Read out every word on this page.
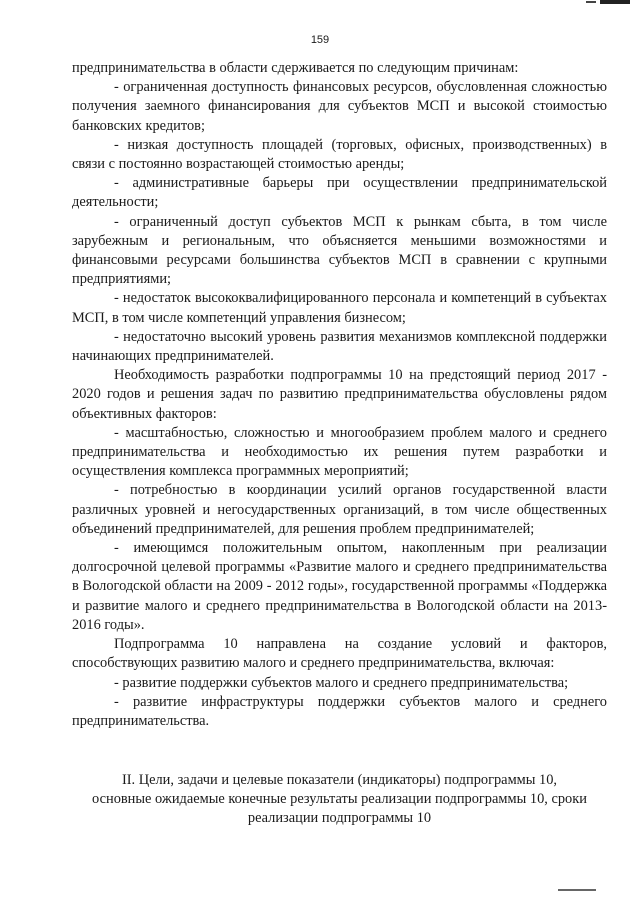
159

предпринимательства в области сдерживается по следующим причинам:

- ограниченная доступность финансовых ресурсов, обусловленная сложностью получения заемного финансирования для субъектов МСП и высокой стоимостью банковских кредитов;

- низкая доступность площадей (торговых, офисных, производственных) в связи с постоянно возрастающей стоимостью аренды;

- административные барьеры при осуществлении предпринимательской деятельности;

- ограниченный доступ субъектов МСП к рынкам сбыта, в том числе зарубежным и региональным, что объясняется меньшими возможностями и финансовыми ресурсами большинства субъектов МСП в сравнении с крупными предприятиями;

- недостаток высококвалифицированного персонала и компетенций в субъектах МСП, в том числе компетенций управления бизнесом;

- недостаточно высокий уровень развития механизмов комплексной поддержки начинающих предпринимателей.

Необходимость разработки подпрограммы 10 на предстоящий период 2017 - 2020 годов и решения задач по развитию предпринимательства обусловлены рядом объективных факторов:

- масштабностью, сложностью и многообразием проблем малого и среднего предпринимательства и необходимостью их решения путем разработки и осуществления комплекса программных мероприятий;

- потребностью в координации усилий органов государственной власти различных уровней и негосударственных организаций, в том числе общественных объединений предпринимателей, для решения проблем предпринимателей;

- имеющимся положительным опытом, накопленным при реализации долгосрочной целевой программы «Развитие малого и среднего предпринимательства в Вологодской области на 2009 - 2012 годы», государственной программы «Поддержка и развитие малого и среднего предпринимательства в Вологодской области на 2013-2016 годы».

Подпрограмма 10 направлена на создание условий и факторов, способствующих развитию малого и среднего предпринимательства, включая:

- развитие поддержки субъектов малого и среднего предпринимательства;

- развитие инфраструктуры поддержки субъектов малого и среднего предпринимательства.

II. Цели, задачи и целевые показатели (индикаторы) подпрограммы 10,
основные ожидаемые конечные результаты реализации подпрограммы 10, сроки
реализации подпрограммы 10
